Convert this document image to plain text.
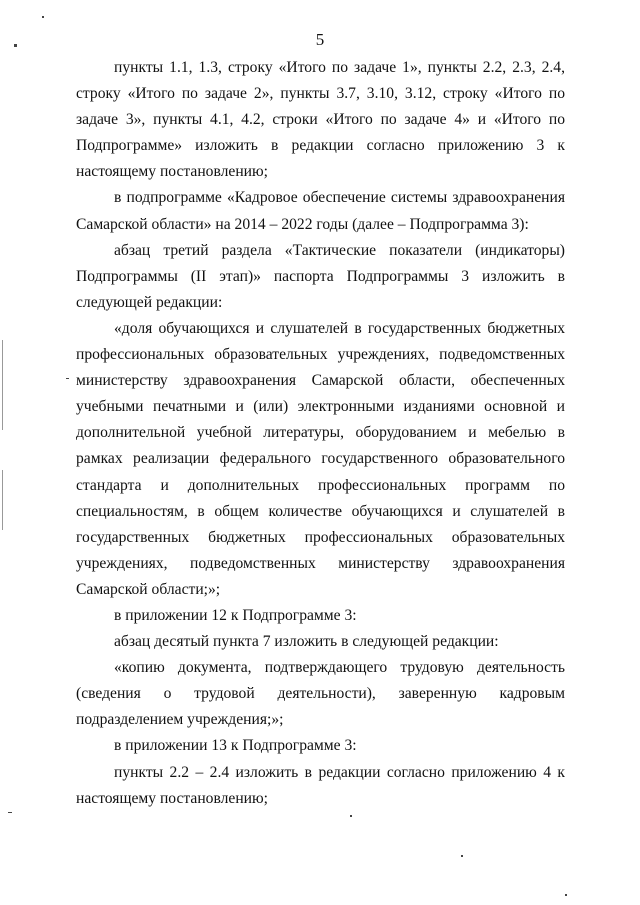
5

пункты 1.1, 1.3, строку «Итого по задаче 1», пункты 2.2, 2.3, 2.4, строку «Итого по задаче 2», пункты 3.7, 3.10, 3.12, строку «Итого по задаче 3», пункты 4.1, 4.2, строки «Итого по задаче 4» и «Итого по Подпрограмме» изложить в редакции согласно приложению 3 к настоящему постановлению;

в подпрограмме «Кадровое обеспечение системы здравоохранения Самарской области» на 2014 – 2022 годы (далее – Подпрограмма 3):

абзац третий раздела «Тактические показатели (индикаторы) Подпрограммы (II этап)» паспорта Подпрограммы 3 изложить в следующей редакции:

«доля обучающихся и слушателей в государственных бюджетных профессиональных образовательных учреждениях, подведомственных министерству здравоохранения Самарской области, обеспеченных учебными печатными и (или) электронными изданиями основной и дополнительной учебной литературы, оборудованием и мебелью в рамках реализации федерального государственного образовательного стандарта и дополнительных профессиональных программ по специальностям, в общем количестве обучающихся и слушателей в государственных бюджетных профессиональных образовательных учреждениях, подведомственных министерству здравоохранения Самарской области;»;

в приложении 12 к Подпрограмме 3:

абзац десятый пункта 7 изложить в следующей редакции:

«копию документа, подтверждающего трудовую деятельность (сведения о трудовой деятельности), заверенную кадровым подразделением учреждения;»;

в приложении 13 к Подпрограмме 3:

пункты 2.2 – 2.4 изложить в редакции согласно приложению 4 к настоящему постановлению;
